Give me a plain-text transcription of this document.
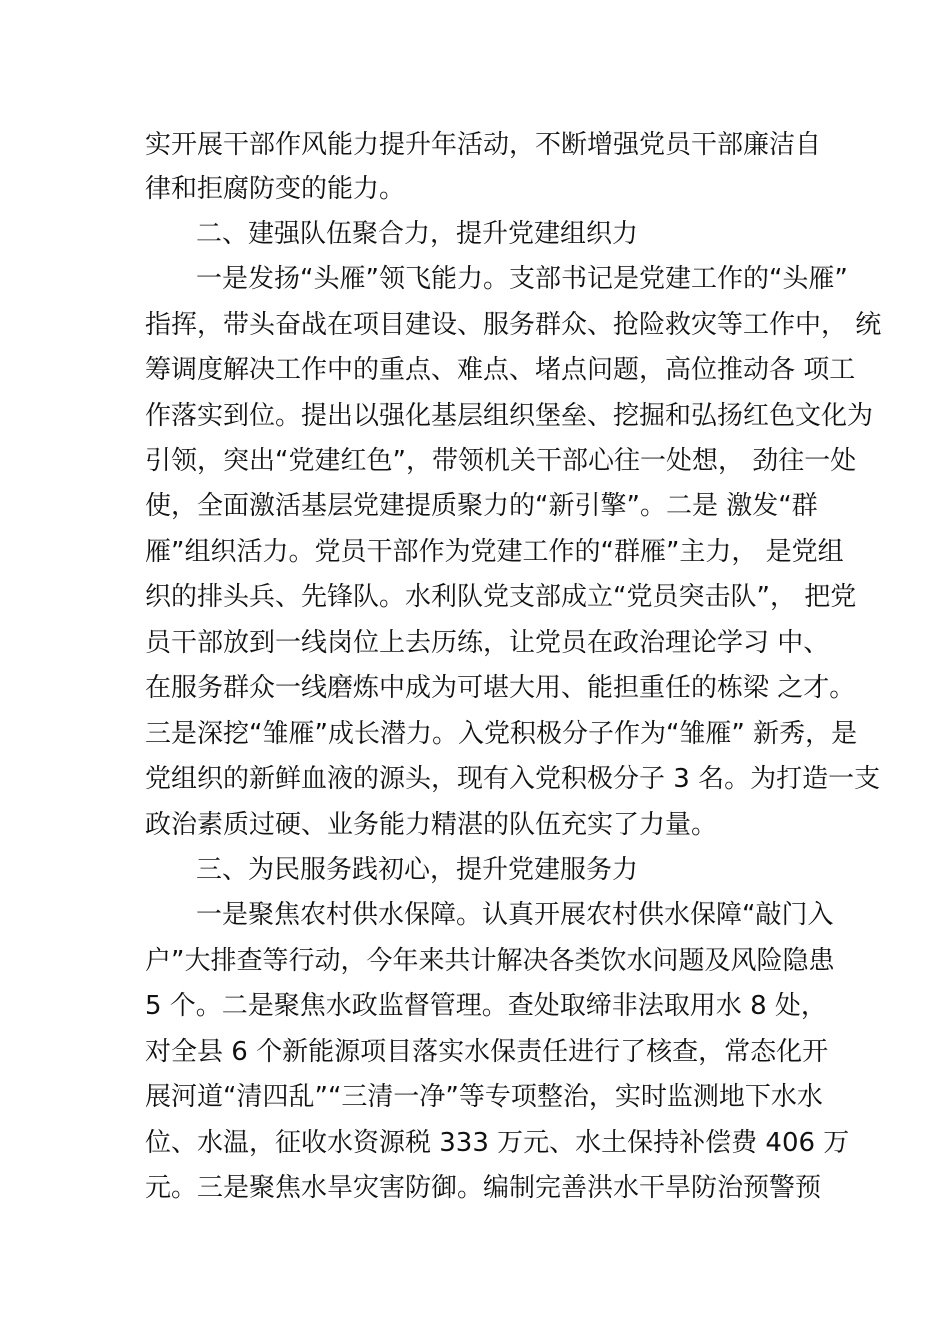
实开展干部作风能力提升年活动，不断增强党员干部廉洁自
律和拒腐防变的能力。
二、建强队伍聚合力，提升党建组织力
一是发扬“头雁”领飞能力。支部书记是党建工作的“头雁”
指挥，带头奋战在项目建设、服务群众、抢险救灾等工作中， 统
筹调度解决工作中的重点、难点、堵点问题，高位推动各 项工
作落实到位。提出以强化基层组织堡垒、挖掘和弘扬红色文化为
引领，突出“党建红色”，带领机关干部心往一处想， 劲往一处
使，全面激活基层党建提质聚力的“新引擎”。二是 激发“群
雁”组织活力。党员干部作为党建工作的“群雁”主力， 是党组
织的排头兵、先锋队。水利队党支部成立“党员突击队”， 把党
员干部放到一线岗位上去历练，让党员在政治理论学习 中、
在服务群众一线磨炼中成为可堪大用、能担重任的栋梁 之才。
三是深挖“雏雁”成长潜力。入党积极分子作为“雏雁” 新秀，是
党组织的新鲜血液的源头，现有入党积极分子 3 名。为打造一支
政治素质过硬、业务能力精湛的队伍充实了力量。
三、为民服务践初心，提升党建服务力
一是聚焦农村供水保障。认真开展农村供水保障“敲门入
户”大排查等行动，今年来共计解决各类饮水问题及风险隐患
5 个。二是聚焦水政监督管理。查处取缔非法取用水 8 处，
对全县 6 个新能源项目落实水保责任进行了核查，常态化开
展河道“清四乱”“三清一净”等专项整治，实时监测地下水水
位、水温，征收水资源税 333 万元、水土保持补偿费 406 万
元。三是聚焦水旱灾害防御。编制完善洪水干旱防治预警预
